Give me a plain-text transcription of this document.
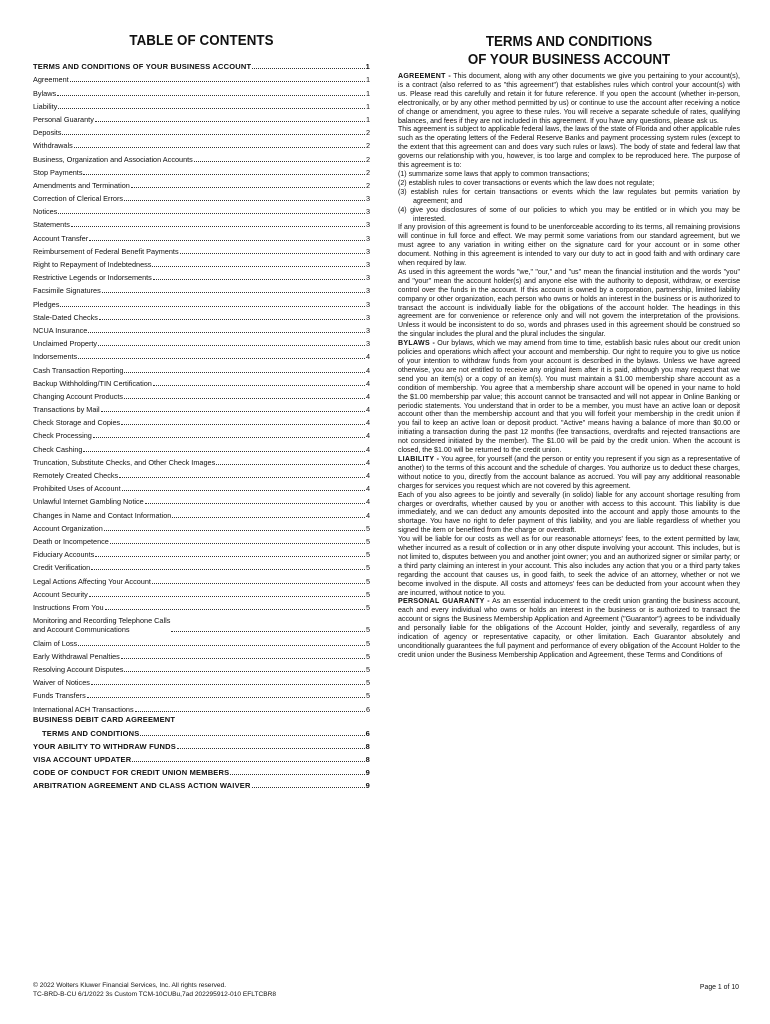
TABLE OF CONTENTS
TERMS AND CONDITIONS OF YOUR BUSINESS ACCOUNT	1
Agreement	1
Bylaws	1
Liability	1
Personal Guaranty	1
Deposits	2
Withdrawals	2
Business, Organization and Association Accounts	2
Stop Payments	2
Amendments and Termination	2
Correction of Clerical Errors	3
Notices	3
Statements	3
Account Transfer	3
Reimbursement of Federal Benefit Payments	3
Right to Repayment of Indebtedness	3
Restrictive Legends or Indorsements	3
Facsimile Signatures	3
Pledges	3
Stale-Dated Checks	3
NCUA Insurance	3
Unclaimed Property	3
Indorsements	4
Cash Transaction Reporting	4
Backup Withholding/TIN Certification	4
Changing Account Products	4
Transactions by Mail	4
Check Storage and Copies	4
Check Processing	4
Check Cashing	4
Truncation, Substitute Checks, and Other Check Images	4
Remotely Created Checks	4
Prohibited Uses of Account	4
Unlawful Internet Gambling Notice	4
Changes in Name and Contact Information	4
Account Organization	5
Death or Incompetence	5
Fiduciary Accounts	5
Credit Verification	5
Legal Actions Affecting Your Account	5
Account Security	5
Instructions From You	5
Monitoring and Recording Telephone Calls
and Account Communications	5
Claim of Loss	5
Early Withdrawal Penalties	5
Resolving Account Disputes	5
Waiver of Notices	5
Funds Transfers	5
International ACH Transactions	6
BUSINESS DEBIT CARD AGREEMENT
TERMS AND CONDITIONS	6
YOUR ABILITY TO WITHDRAW FUNDS	8
VISA ACCOUNT UPDATER	8
CODE OF CONDUCT FOR CREDIT UNION MEMBERS	9
ARBITRATION AGREEMENT AND CLASS ACTION WAIVER	9
TERMS AND CONDITIONS
OF YOUR BUSINESS ACCOUNT

AGREEMENT - This document, along with any other documents we give you pertaining to your account(s), is a contract (also referred to as "this agreement") that establishes rules which control your account(s) with us. Please read this carefully and retain it for future reference. If you open the account (whether in-person, electronically, or by any other method permitted by us) or continue to use the account after receiving a notice of change or amendment, you agree to these rules. You will receive a separate schedule of rates, qualifying balances, and fees if they are not included in this agreement. If you have any questions, please ask us.

This agreement is subject to applicable federal laws, the laws of the state of Florida and other applicable rules such as the operating letters of the Federal Reserve Banks and payment processing system rules (except to the extent that this agreement can and does vary such rules or laws). The body of state and federal law that governs our relationship with you, however, is too large and complex to be reproduced here. The purpose of this agreement is to:

(1) summarize some laws that apply to common transactions;

(2) establish rules to cover transactions or events which the law does not regulate;

(3) establish rules for certain transactions or events which the law regulates but permits variation by agreement; and

(4) give you disclosures of some of our policies to which you may be entitled or in which you may be interested.

If any provision of this agreement is found to be unenforceable according to its terms, all remaining provisions will continue in full force and effect. We may permit some variations from our standard agreement, but we must agree to any variation in writing either on the signature card for your account or in some other document. Nothing in this agreement is intended to vary our duty to act in good faith and with ordinary care when required by law.

As used in this agreement the words "we," "our," and "us" mean the financial institution and the words "you" and "your" mean the account holder(s) and anyone else with the authority to deposit, withdraw, or exercise control over the funds in the account. If this account is owned by a corporation, partnership, limited liability company or other organization, each person who owns or holds an interest in the business or is authorized to transact the account is individually liable for the obligations of the account holder. The headings in this agreement are for convenience or reference only and will not govern the interpretation of the provisions. Unless it would be inconsistent to do so, words and phrases used in this agreement should be construed so the singular includes the plural and the plural includes the singular.

BYLAWS - Our bylaws, which we may amend from time to time, establish basic rules about our credit union policies and operations which affect your account and membership. Our right to require you to give us notice of your intention to withdraw funds from your account is described in the bylaws. Unless we have agreed otherwise, you are not entitled to receive any original item after it is paid, although you may request that we send you an item(s) or a copy of an item(s). You must maintain a $1.00 membership share account as a condition of membership. You agree that a membership share account will be opened in your name to hold the $1.00 membership par value; this account cannot be transacted and will not appear in Online Banking or periodic statements. You understand that in order to be a member, you must have an active loan or deposit account other than the membership account and that you will forfeit your membership in the credit union if you fail to keep an active loan or deposit product. "Active" means having a balance of more than $0.00 or initiating a transaction during the past 12 months (fee transactions, overdrafts and rejected transactions are not considered initiated by the member). The $1.00 will be paid by the credit union. When the account is closed, the $1.00 will be returned to the credit union.

LIABILITY - You agree, for yourself (and the person or entity you represent if you sign as a representative of another) to the terms of this account and the schedule of charges. You authorize us to deduct these charges, without notice to you, directly from the account balance as accrued. You will pay any additional reasonable charges for services you request which are not covered by this agreement.

Each of you also agrees to be jointly and severally (in solido) liable for any account shortage resulting from charges or overdrafts, whether caused by you or another with access to this account. This liability is due immediately, and we can deduct any amounts deposited into the account and apply those amounts to the shortage. You have no right to defer payment of this liability, and you are liable regardless of whether you signed the item or benefited from the charge or overdraft.

You will be liable for our costs as well as for our reasonable attorneys' fees, to the extent permitted by law, whether incurred as a result of collection or in any other dispute involving your account. This includes, but is not limited to, disputes between you and another joint owner; you and an authorized signer or similar party; or a third party claiming an interest in your account. This also includes any action that you or a third party takes regarding the account that causes us, in good faith, to seek the advice of an attorney, whether or not we become involved in the dispute. All costs and attorneys' fees can be deducted from your account when they are incurred, without notice to you.

PERSONAL GUARANTY - As an essential inducement to the credit union granting the business account, each and every individual who owns or holds an interest in the business or is authorized to transact the account or signs the Business Membership Application and Agreement ("Guarantor") agrees to be individually and personally liable for the obligations of the Account Holder, jointly and severally, regardless of any indication of agency or representative capacity, or other limitation. Each Guarantor absolutely and unconditionally guarantees the full payment and performance of every obligation of the Account Holder to the credit union under the Business Membership Application and Agreement, these Terms and Conditions of

© 2022 Wolters Kluwer Financial Services, Inc. All rights reserved.
TC-BRD-B-CU 6/1/2022 3s Custom TCM-10CUBu,7ad 202295912-010 EFLTCBR8
Page 1 of 10
